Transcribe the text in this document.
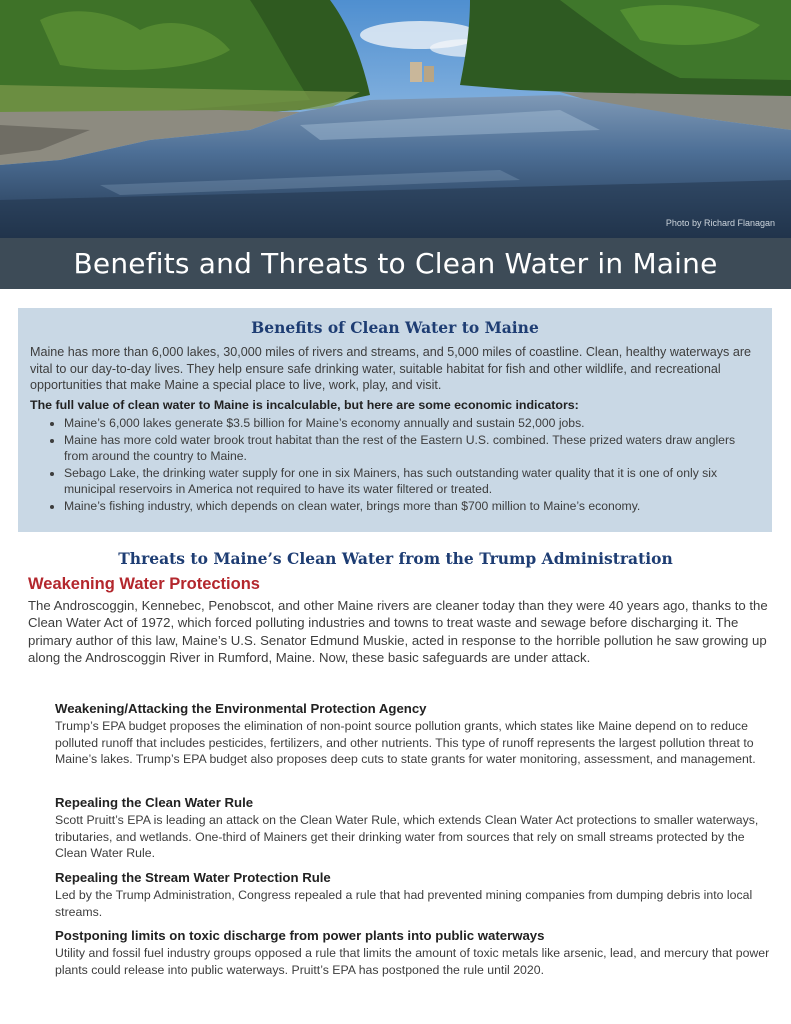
Photo by Richard Flanagan
Benefits and Threats to Clean Water in Maine
Benefits of Clean Water to Maine

Maine has more than 6,000 lakes, 30,000 miles of rivers and streams, and 5,000 miles of coastline. Clean, healthy waterways are vital to our day-to-day lives. They help ensure safe drinking water, suitable habitat for fish and other wildlife, and recreational opportunities that make Maine a special place to live, work, play, and visit.

The full value of clean water to Maine is incalculable, but here are some economic indicators:

• Maine’s 6,000 lakes generate $3.5 billion for Maine’s economy annually and sustain 52,000 jobs.
• Maine has more cold water brook trout habitat than the rest of the Eastern U.S. combined. These prized waters draw anglers from around the country to Maine.
• Sebago Lake, the drinking water supply for one in six Mainers, has such outstanding water quality that it is one of only six municipal reservoirs in America not required to have its water filtered or treated.
• Maine’s fishing industry, which depends on clean water, brings more than $700 million to Maine’s economy.
Threats to Maine’s Clean Water from the Trump Administration
Weakening Water Protections

The Androscoggin, Kennebec, Penobscot, and other Maine rivers are cleaner today than they were 40 years ago, thanks to the Clean Water Act of 1972, which forced polluting industries and towns to treat waste and sewage before discharging it. The primary author of this law, Maine’s U.S. Senator Edmund Muskie, acted in response to the horrible pollution he saw growing up along the Androscoggin River in Rumford, Maine. Now, these basic safeguards are under attack.

Weakening/Attacking the Environmental Protection Agency

Trump’s EPA budget proposes the elimination of non-point source pollution grants, which states like Maine depend on to reduce polluted runoff that includes pesticides, fertilizers, and other nutrients. This type of runoff represents the largest pollution threat to Maine’s lakes. Trump’s EPA budget also proposes deep cuts to state grants for water monitoring, assessment, and management.

Repealing the Clean Water Rule

Scott Pruitt’s EPA is leading an attack on the Clean Water Rule, which extends Clean Water Act protections to smaller waterways, tributaries, and wetlands. One-third of Mainers get their drinking water from sources that rely on small streams protected by the Clean Water Rule.

Repealing the Stream Water Protection Rule

Led by the Trump Administration, Congress repealed a rule that had prevented mining companies from dumping debris into local streams.

Postponing limits on toxic discharge from power plants into public waterways

Utility and fossil fuel industry groups opposed a rule that limits the amount of toxic metals like arsenic, lead, and mercury that power plants could release into public waterways. Pruitt’s EPA has postponed the rule until 2020.
